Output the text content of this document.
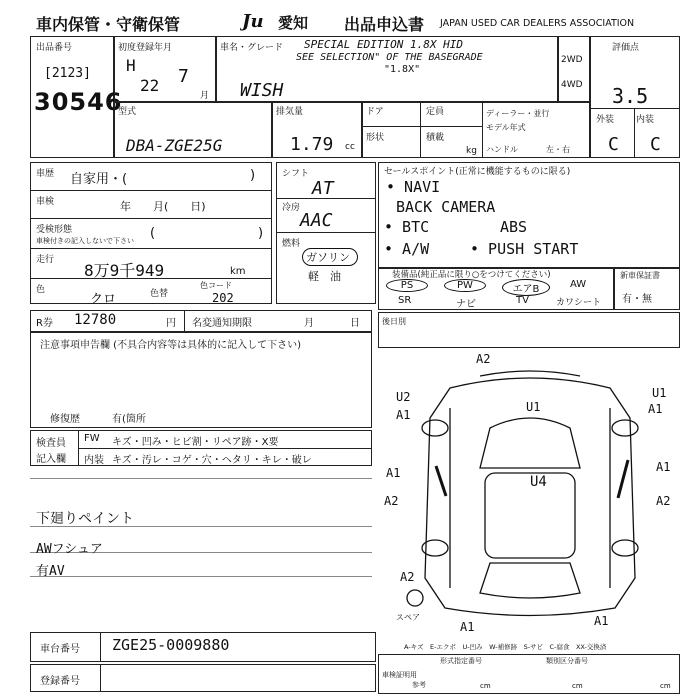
車内保管・守衛保管	Ju 愛知 出品申込書 JAPAN USED CAR DEALERS ASSOCIATION
出品番号
[2123]
30546
初度登録年月
H
22 7
月
車名・グレード SPECIAL EDITION 1.8X HID
SEE SELECTION" OF THE BASEGRADE
"1.8X"
WISH
2WD
4WD
評価点
3.5
外装 内装
C C
型式
DBA-ZGE25G
排気量
1.79 cc
ドア	定員
形状	積載
kg
ディーラー・並行
モデル年式
ハンドル	左・右
車歴 自家用・(	)
車検	年　　月(　　日)
受検形態
車検付きの記入しないで下さい (	)
走行
8万9千949	km
色
クロ	色替
色コード
202
シフト
AT
冷房
AAC
燃料
ガソリン
軽　油
セールスポイント(正常に機能するものに限る)
• NAVI
BACK CAMERA
• BTC	ABS
• A/W	• PUSH START
装備品(純正品に限り○をつけてください)
PS	PW	エアB	AW
SR	ナビ	TV	カワシート
新車保証書
有・無
R券 12780	円 名変通知期限	月	日	後日別
注意事項申告欄 (不具合内容等は具体的に記入して下さい)
修復歴	有(箇所
検査員
記入欄
FW キズ・凹み・ヒビ割・リペア跡・X要
内装 キズ・汚レ・コゲ・穴・ヘタリ・キレ・破レ
下廻りペイント
AWフシュア
有AV
A2
U2
U1
A1	A1
U1
A1	A1
U4
A2	A2
A2
A1	A1
スペア
A-キズ　E-エクボ　U-凹み　W-補修跡　S-サビ　C-腐食　XX-交換済
車台番号 ZGE25-0009880
登録番号
車検証明用
形式指定番号	類別区分番号
参考	cm	cm	cm
